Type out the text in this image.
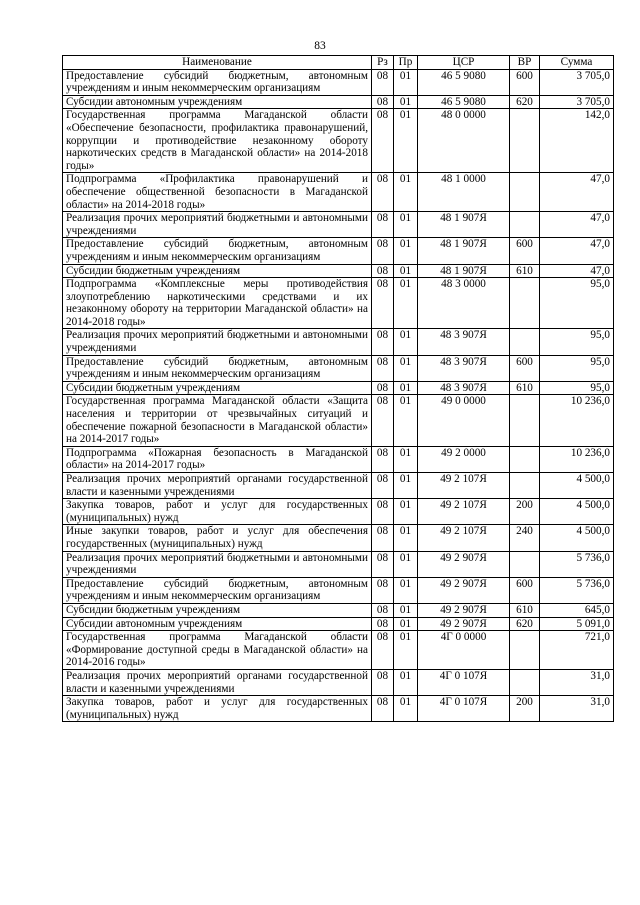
83
Наименование	Рз	Пр	ЦСР	ВР	Сумма
Предоставление субсидий бюджетным, автономным учреждениям и иным некоммерческим организациям	08	01	46 5 9080	600	3 705,0
Субсидии автономным учреждениям	08	01	46 5 9080	620	3 705,0
Государственная программа Магаданской области «Обеспечение безопасности, профилактика правонарушений, коррупции и противодействие незаконному обороту наркотических средств в Магаданской области» на 2014-2018 годы»	08	01	48 0 0000		142,0
Подпрограмма «Профилактика правонарушений и обеспечение общественной безопасности в Магаданской области» на 2014-2018 годы»	08	01	48 1 0000		47,0
Реализация прочих мероприятий бюджетными и автономными учреждениями	08	01	48 1 907Я		47,0
Предоставление субсидий бюджетным, автономным учреждениям и иным некоммерческим организациям	08	01	48 1 907Я	600	47,0
Субсидии бюджетным учреждениям	08	01	48 1 907Я	610	47,0
Подпрограмма «Комплексные меры противодействия злоупотреблению наркотическими средствами и их незаконному обороту на территории Магаданской области» на 2014-2018 годы»	08	01	48 3 0000		95,0
Реализация прочих мероприятий бюджетными и автономными учреждениями	08	01	48 3 907Я		95,0
Предоставление субсидий бюджетным, автономным учреждениям и иным некоммерческим организациям	08	01	48 3 907Я	600	95,0
Субсидии бюджетным учреждениям	08	01	48 3 907Я	610	95,0
Государственная программа Магаданской области «Защита населения и территории от чрезвычайных ситуаций и обеспечение пожарной безопасности в Магаданской области» на 2014-2017 годы»	08	01	49 0 0000		10 236,0
Подпрограмма «Пожарная безопасность в Магаданской области» на 2014-2017 годы»	08	01	49 2 0000		10 236,0
Реализация прочих мероприятий органами государственной власти и казенными учреждениями	08	01	49 2 107Я		4 500,0
Закупка товаров, работ и услуг для государственных (муниципальных) нужд	08	01	49 2 107Я	200	4 500,0
Иные закупки товаров, работ и услуг для обеспечения государственных (муниципальных) нужд	08	01	49 2 107Я	240	4 500,0
Реализация прочих мероприятий бюджетными и автономными учреждениями	08	01	49 2 907Я		5 736,0
Предоставление субсидий бюджетным, автономным учреждениям и иным некоммерческим организациям	08	01	49 2 907Я	600	5 736,0
Субсидии бюджетным учреждениям	08	01	49 2 907Я	610	645,0
Субсидии автономным учреждениям	08	01	49 2 907Я	620	5 091,0
Государственная программа Магаданской области «Формирование доступной среды в Магаданской области» на 2014-2016 годы»	08	01	4Г 0 0000		721,0
Реализация прочих мероприятий органами государственной власти и казенными учреждениями	08	01	4Г 0 107Я		31,0
Закупка товаров, работ и услуг для государственных (муниципальных) нужд	08	01	4Г 0 107Я	200	31,0
